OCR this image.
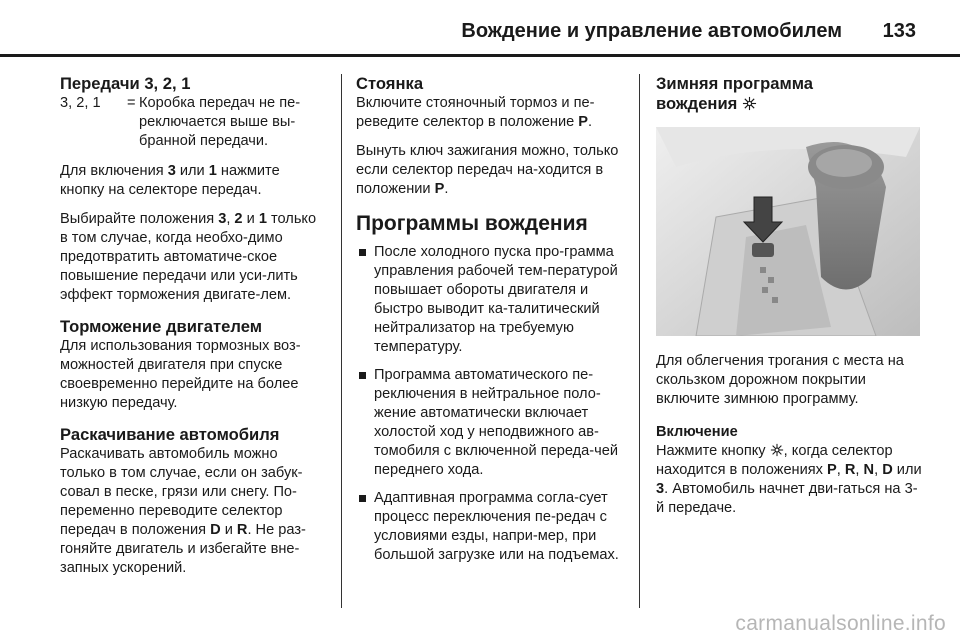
Вождение и управление автомобилем 133
Передачи 3, 2, 1
3, 2, 1	= Коробка передач не пе-реключается выше вы-бранной передачи.

Для включения 3 или 1 нажмите кнопку на селекторе передач.

Выбирайте положения 3, 2 и 1 только в том случае, когда необхо-димо предотвратить автоматиче-ское повышение передачи или уси-лить эффект торможения двигате-лем.

Торможение двигателем

Для использования тормозных воз-можностей двигателя при спуске своевременно перейдите на более низкую передачу.

Раскачивание автомобиля

Раскачивать автомобиль можно только в том случае, если он забук-совал в песке, грязи или снегу. По-переменно переводите селектор передач в положения D и R. Не раз-гоняйте двигатель и избегайте вне-запных ускорений.

Стоянка

Включите стояночный тормоз и пе-реведите селектор в положение P.

Вынуть ключ зажигания можно, только если селектор передач на-ходится в положении P.

Программы вождения
После холодного пуска про-грамма управления рабочей тем-пературой повышает обороты двигателя и быстро выводит ка-талитический нейтрализатор на требуемую температуру.
Программа автоматического пе-реключения в нейтральное поло-жение автоматически включает холостой ход у неподвижного ав-томобиля с включенной переда-чей переднего хода.
Адаптивная программа согла-сует процесс переключения пе-редач с условиями езды, напри-мер, при большой загрузке или на подъемах.
Зимняя программа
вождения

Для облегчения трогания с места на скользком дорожном покрытии включите зимнюю программу.

Включение

Нажмите кнопку , когда селектор находится в положениях P, R, N, D или 3. Автомобиль начнет дви-гаться на 3-й передаче.

carmanualsonline.info
